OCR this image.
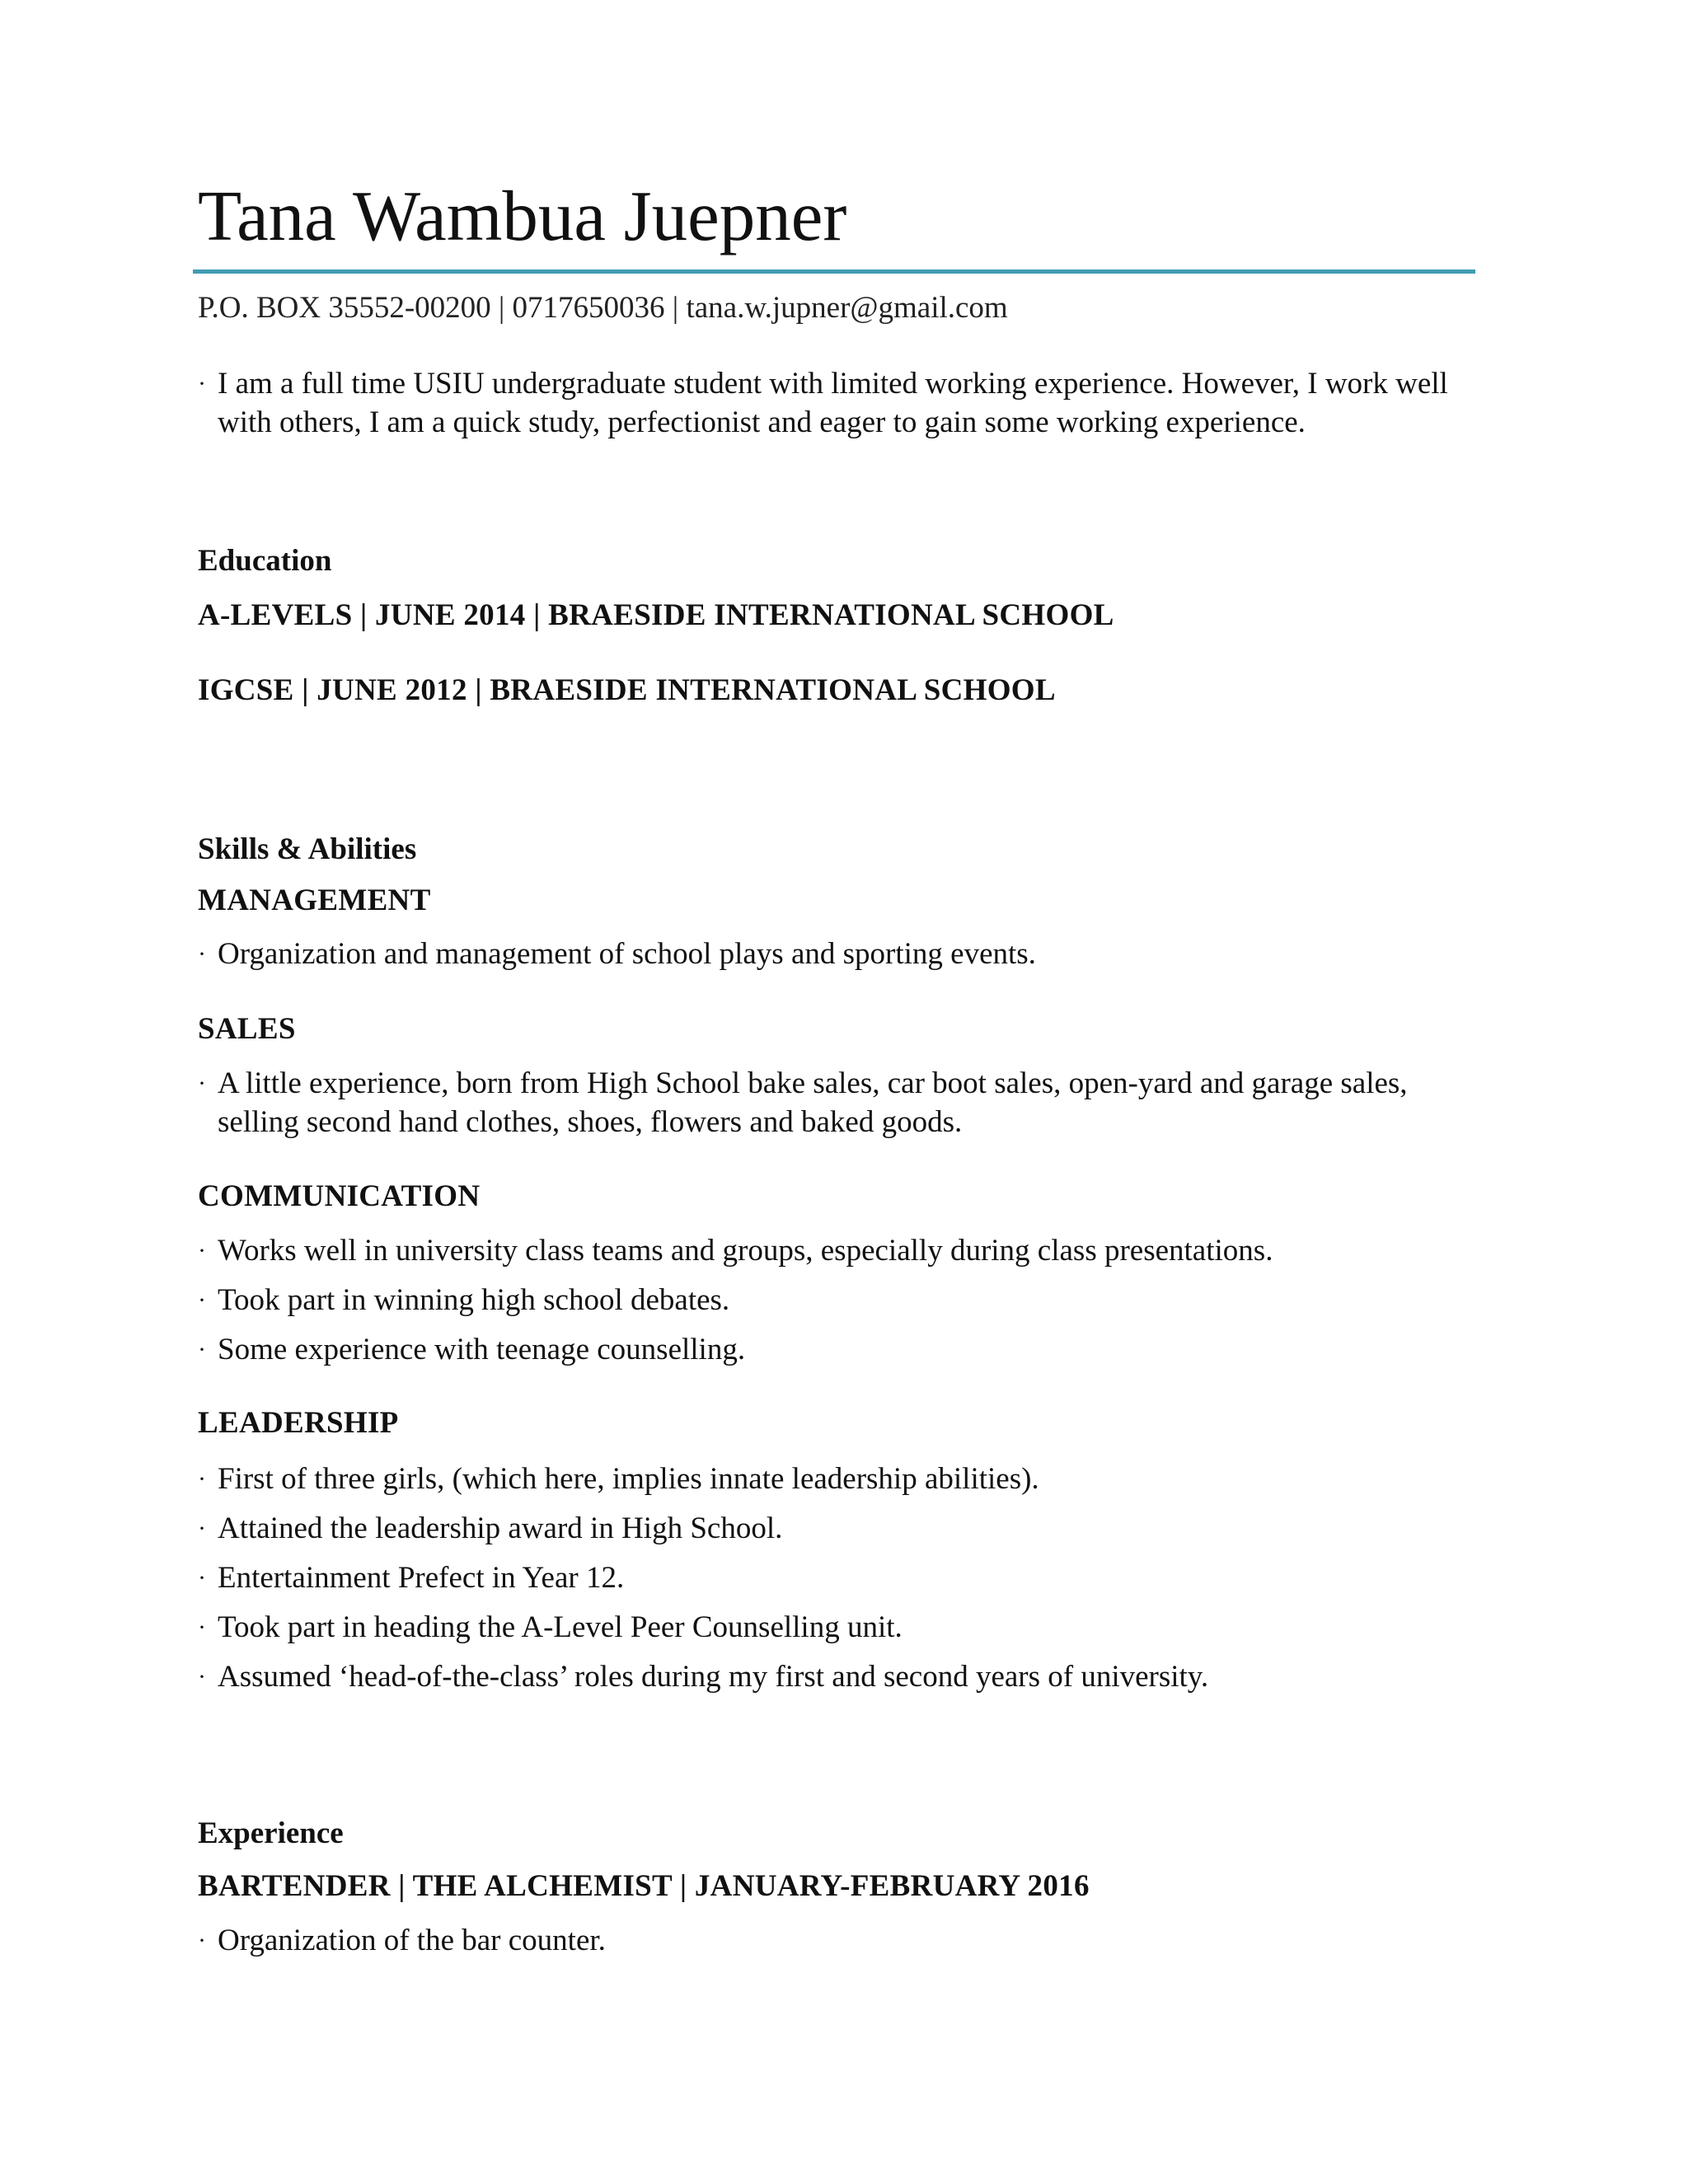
Tana Wambua Juepner
P.O. BOX 35552-00200 | 0717650036 | tana.w.jupner@gmail.com
· I am a full time USIU undergraduate student with limited working experience. However, I work well with others, I am a quick study, perfectionist and eager to gain some working experience.
Education
A-LEVELS | JUNE 2014 | BRAESIDE INTERNATIONAL SCHOOL
IGCSE | JUNE 2012 | BRAESIDE INTERNATIONAL SCHOOL
Skills & Abilities
MANAGEMENT
· Organization and management of school plays and sporting events.
SALES
· A little experience, born from High School bake sales, car boot sales, open-yard and garage sales, selling second hand clothes, shoes, flowers and baked goods.
COMMUNICATION
· Works well in university class teams and groups, especially during class presentations.
· Took part in winning high school debates.
· Some experience with teenage counselling.
LEADERSHIP
· First of three girls, (which here, implies innate leadership abilities).
· Attained the leadership award in High School.
· Entertainment Prefect in Year 12.
· Took part in heading the A-Level Peer Counselling unit.
· Assumed ‘head-of-the-class’ roles during my first and second years of university.
Experience
BARTENDER | THE ALCHEMIST | JANUARY-FEBRUARY 2016
· Organization of the bar counter.
